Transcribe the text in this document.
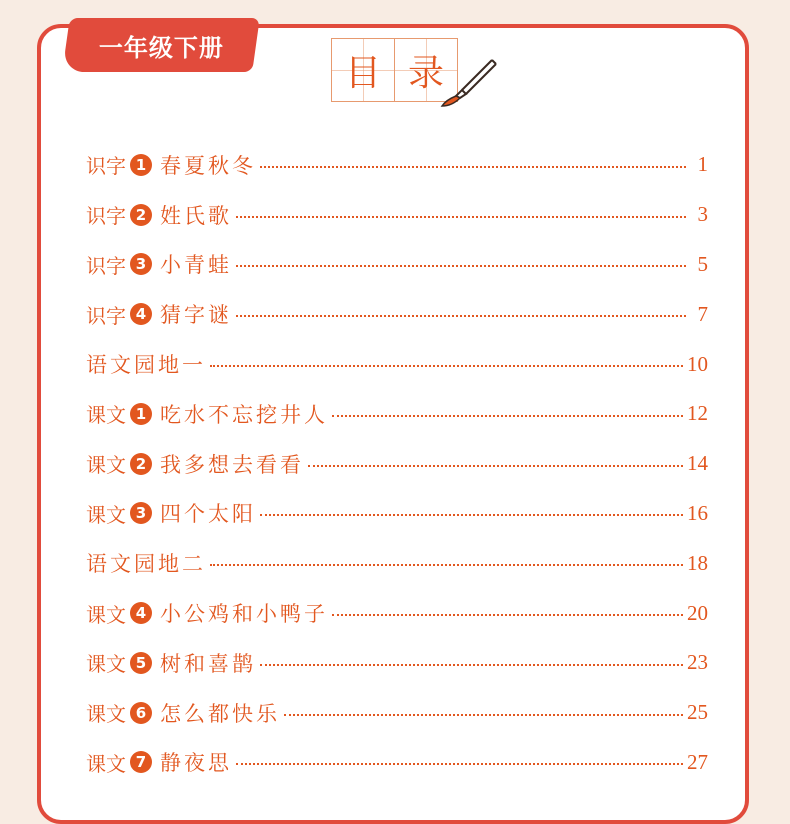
一年级下册
目 录
识字 1 春夏秋冬	1
识字 2 姓氏歌	3
识字 3 小青蛙	5
识字 4 猜字谜	7
语文园地一	10
课文 1 吃水不忘挖井人	12
课文 2 我多想去看看	14
课文 3 四个太阳	16
语文园地二	18
课文 4 小公鸡和小鸭子	20
课文 5 树和喜鹊	23
课文 6 怎么都快乐	25
课文 7 静夜思	27
